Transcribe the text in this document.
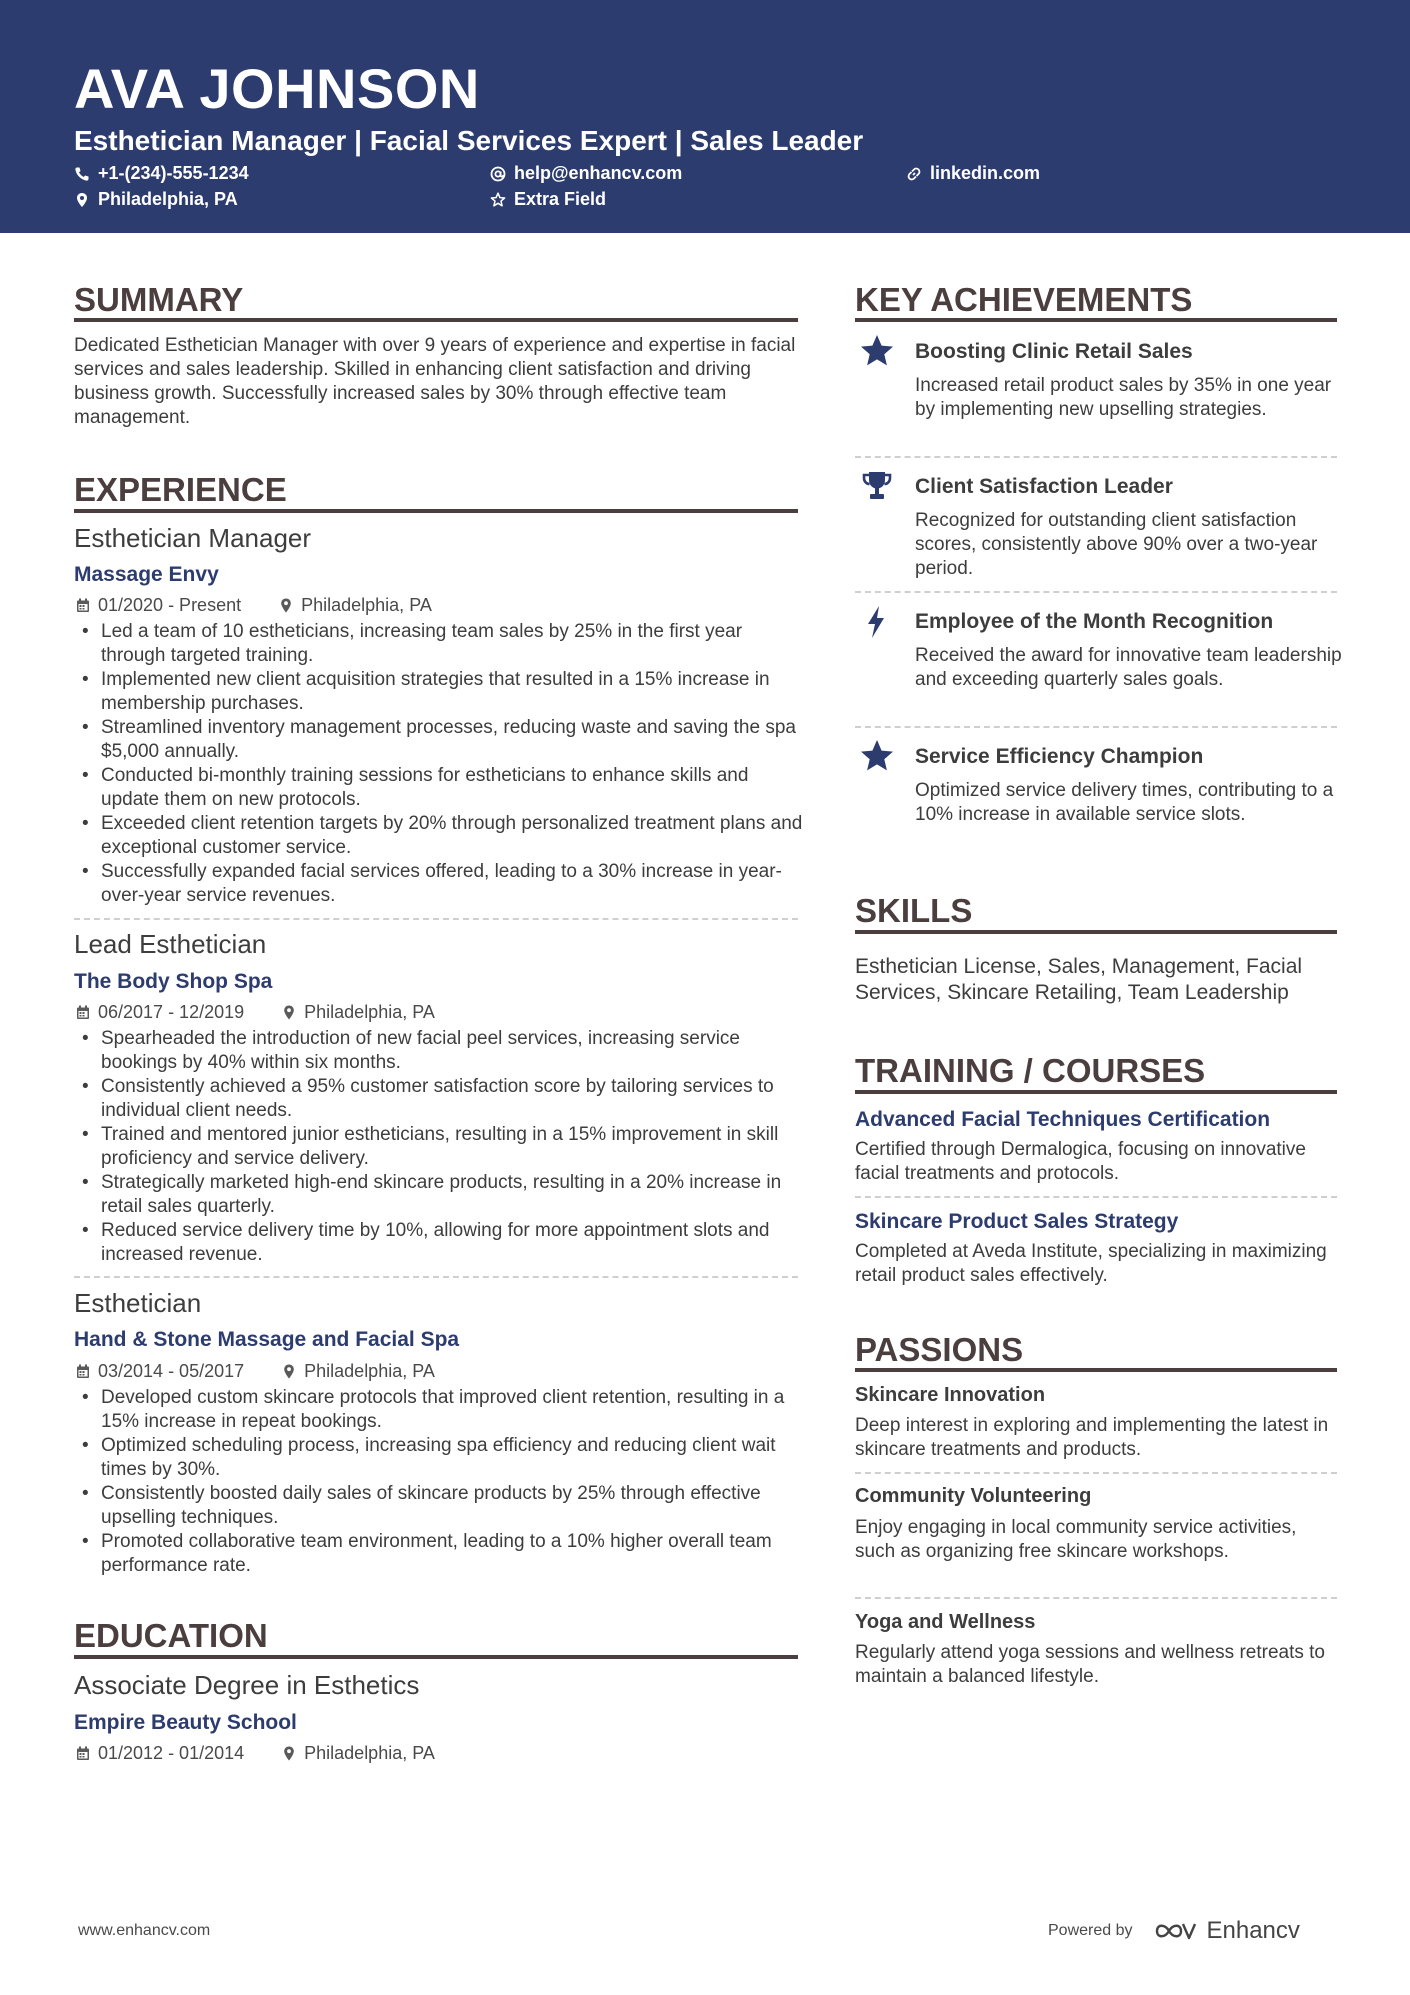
AVA JOHNSON
Esthetician Manager | Facial Services Expert | Sales Leader
+1-(234)-555-1234	help@enhancv.com	linkedin.com
Philadelphia, PA	Extra Field
SUMMARY
Dedicated Esthetician Manager with over 9 years of experience and expertise in facial services and sales leadership. Skilled in enhancing client satisfaction and driving business growth. Successfully increased sales by 30% through effective team management.
EXPERIENCE
Esthetician Manager
Massage Envy
01/2020 - Present	Philadelphia, PA
• Led a team of 10 estheticians, increasing team sales by 25% in the first year through targeted training.
• Implemented new client acquisition strategies that resulted in a 15% increase in membership purchases.
• Streamlined inventory management processes, reducing waste and saving the spa $5,000 annually.
• Conducted bi-monthly training sessions for estheticians to enhance skills and update them on new protocols.
• Exceeded client retention targets by 20% through personalized treatment plans and exceptional customer service.
• Successfully expanded facial services offered, leading to a 30% increase in year-over-year service revenues.
Lead Esthetician
The Body Shop Spa
06/2017 - 12/2019	Philadelphia, PA
• Spearheaded the introduction of new facial peel services, increasing service bookings by 40% within six months.
• Consistently achieved a 95% customer satisfaction score by tailoring services to individual client needs.
• Trained and mentored junior estheticians, resulting in a 15% improvement in skill proficiency and service delivery.
• Strategically marketed high-end skincare products, resulting in a 20% increase in retail sales quarterly.
• Reduced service delivery time by 10%, allowing for more appointment slots and increased revenue.
Esthetician
Hand & Stone Massage and Facial Spa
03/2014 - 05/2017	Philadelphia, PA
• Developed custom skincare protocols that improved client retention, resulting in a 15% increase in repeat bookings.
• Optimized scheduling process, increasing spa efficiency and reducing client wait times by 30%.
• Consistently boosted daily sales of skincare products by 25% through effective upselling techniques.
• Promoted collaborative team environment, leading to a 10% higher overall team performance rate.
EDUCATION
Associate Degree in Esthetics
Empire Beauty School
01/2012 - 01/2014	Philadelphia, PA
KEY ACHIEVEMENTS
Boosting Clinic Retail Sales
Increased retail product sales by 35% in one year by implementing new upselling strategies.
Client Satisfaction Leader
Recognized for outstanding client satisfaction scores, consistently above 90% over a two-year period.
Employee of the Month Recognition
Received the award for innovative team leadership and exceeding quarterly sales goals.
Service Efficiency Champion
Optimized service delivery times, contributing to a 10% increase in available service slots.
SKILLS
Esthetician License, Sales, Management, Facial Services, Skincare Retailing, Team Leadership
TRAINING / COURSES
Advanced Facial Techniques Certification
Certified through Dermalogica, focusing on innovative facial treatments and protocols.
Skincare Product Sales Strategy
Completed at Aveda Institute, specializing in maximizing retail product sales effectively.
PASSIONS
Skincare Innovation
Deep interest in exploring and implementing the latest in skincare treatments and products.
Community Volunteering
Enjoy engaging in local community service activities, such as organizing free skincare workshops.
Yoga and Wellness
Regularly attend yoga sessions and wellness retreats to maintain a balanced lifestyle.
www.enhancv.com	Powered by	Enhancv
